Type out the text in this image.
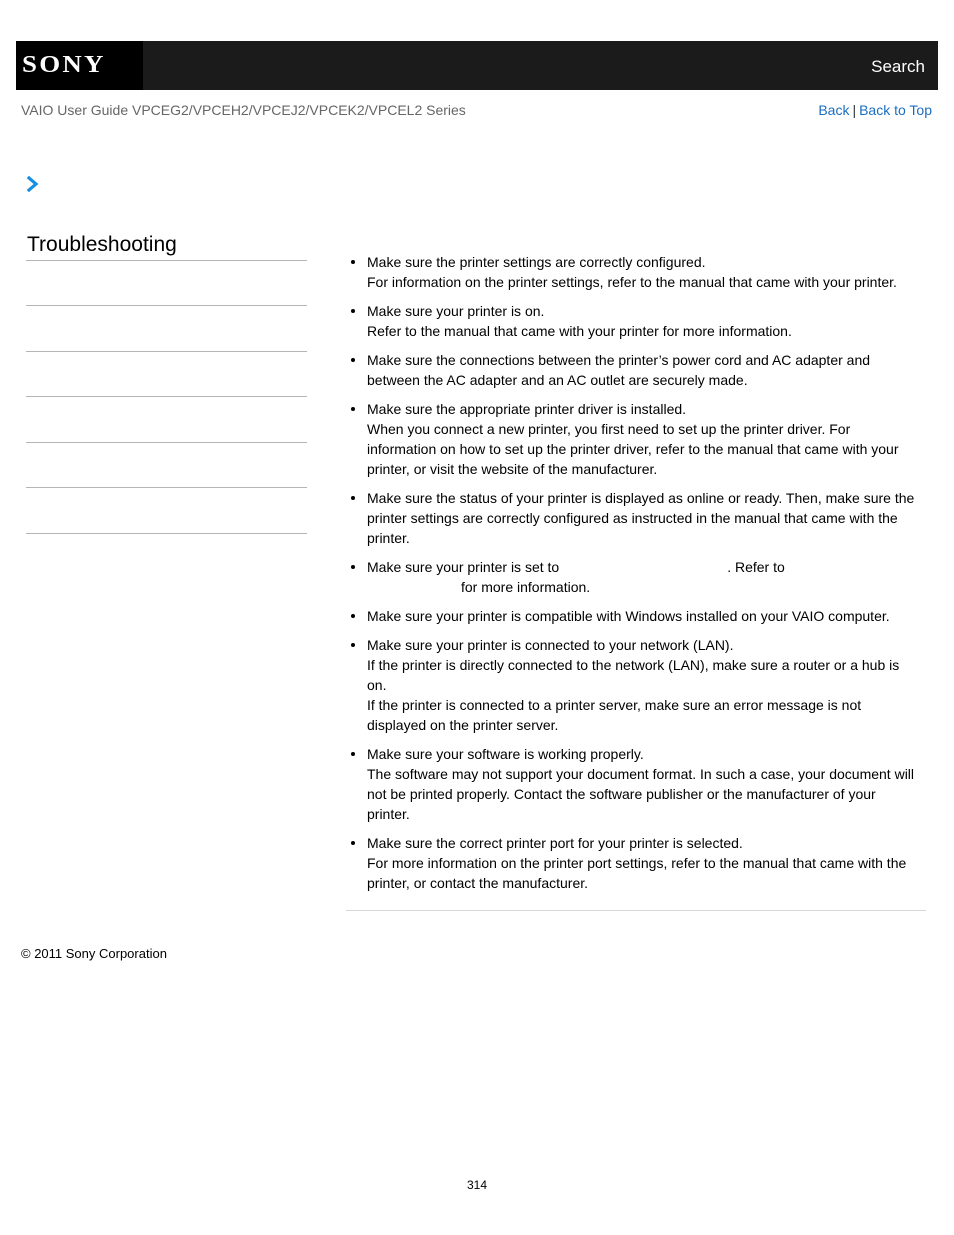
SONY	Search
VAIO User Guide VPCEG2/VPCEH2/VPCEJ2/VPCEK2/VPCEL2 Series	Back | Back to Top
Troubleshooting
Make sure the printer settings are correctly configured.
For information on the printer settings, refer to the manual that came with your printer.
Make sure your printer is on.
Refer to the manual that came with your printer for more information.
Make sure the connections between the printer’s power cord and AC adapter and
between the AC adapter and an AC outlet are securely made.
Make sure the appropriate printer driver is installed.
When you connect a new printer, you first need to set up the printer driver. For
information on how to set up the printer driver, refer to the manual that came with your
printer, or visit the website of the manufacturer.
Make sure the status of your printer is displayed as online or ready. Then, make sure the
printer settings are correctly configured as instructed in the manual that came with the
printer.
Make sure your printer is set to	. Refer to
for more information.
Make sure your printer is compatible with Windows installed on your VAIO computer.
Make sure your printer is connected to your network (LAN).
If the printer is directly connected to the network (LAN), make sure a router or a hub is
on.
If the printer is connected to a printer server, make sure an error message is not
displayed on the printer server.
Make sure your software is working properly.
The software may not support your document format. In such a case, your document will
not be printed properly. Contact the software publisher or the manufacturer of your
printer.
Make sure the correct printer port for your printer is selected.
For more information on the printer port settings, refer to the manual that came with the
printer, or contact the manufacturer.
© 2011 Sony Corporation
314
